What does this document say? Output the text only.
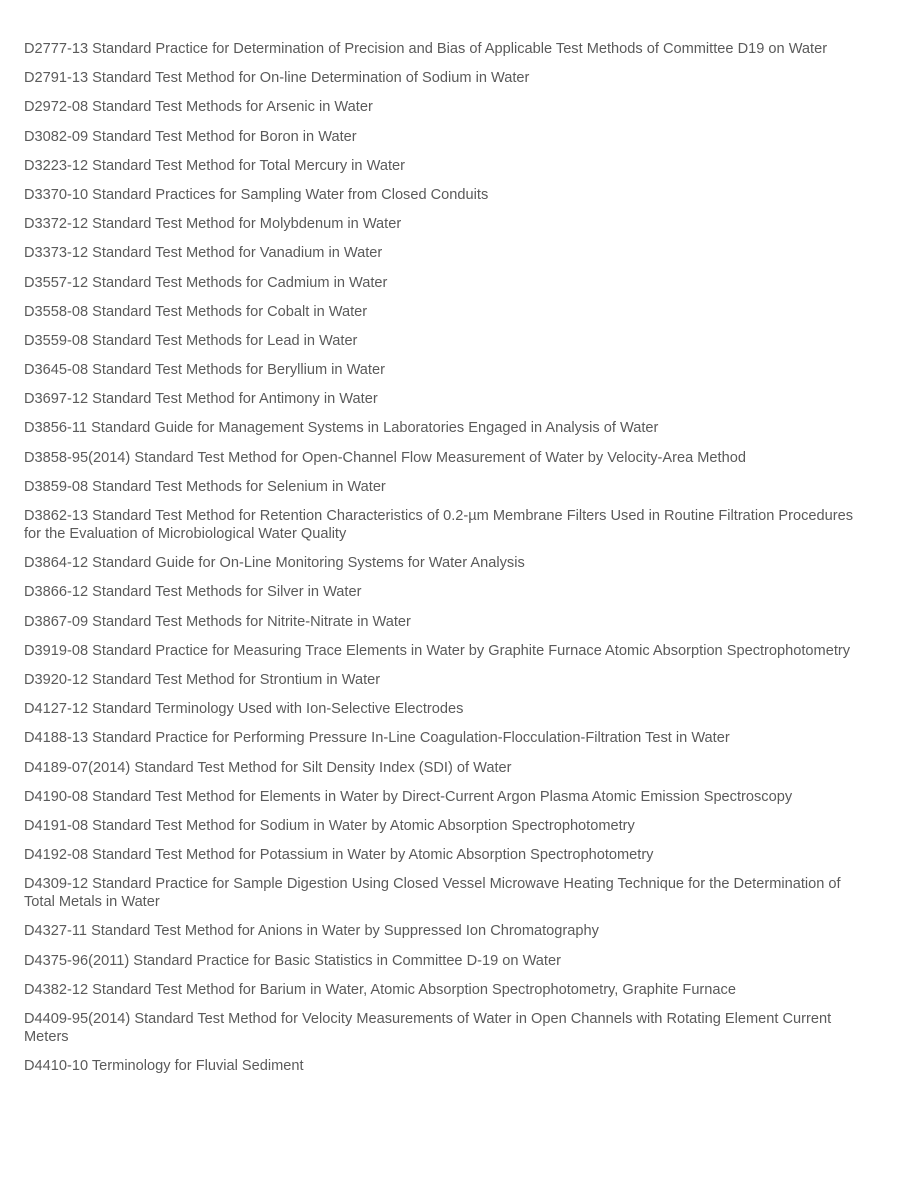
D2777-13 Standard Practice for Determination of Precision and Bias of Applicable Test Methods of Committee D19 on Water
D2791-13 Standard Test Method for On-line Determination of Sodium in Water
D2972-08 Standard Test Methods for Arsenic in Water
D3082-09 Standard Test Method for Boron in Water
D3223-12 Standard Test Method for Total Mercury in Water
D3370-10 Standard Practices for Sampling Water from Closed Conduits
D3372-12 Standard Test Method for Molybdenum in Water
D3373-12 Standard Test Method for Vanadium in Water
D3557-12 Standard Test Methods for Cadmium in Water
D3558-08 Standard Test Methods for Cobalt in Water
D3559-08 Standard Test Methods for Lead in Water
D3645-08 Standard Test Methods for Beryllium in Water
D3697-12 Standard Test Method for Antimony in Water
D3856-11 Standard Guide for Management Systems in Laboratories Engaged in Analysis of Water
D3858-95(2014) Standard Test Method for Open-Channel Flow Measurement of Water by Velocity-Area Method
D3859-08 Standard Test Methods for Selenium in Water
D3862-13 Standard Test Method for Retention Characteristics of 0.2-µm Membrane Filters Used in Routine Filtration Procedures for the Evaluation of Microbiological Water Quality
D3864-12 Standard Guide for On-Line Monitoring Systems for Water Analysis
D3866-12 Standard Test Methods for Silver in Water
D3867-09 Standard Test Methods for Nitrite-Nitrate in Water
D3919-08 Standard Practice for Measuring Trace Elements in Water by Graphite Furnace Atomic Absorption Spectrophotometry
D3920-12 Standard Test Method for Strontium in Water
D4127-12 Standard Terminology Used with Ion-Selective Electrodes
D4188-13 Standard Practice for Performing Pressure In-Line Coagulation-Flocculation-Filtration Test in Water
D4189-07(2014) Standard Test Method for Silt Density Index (SDI) of Water
D4190-08 Standard Test Method for Elements in Water by Direct-Current Argon Plasma Atomic Emission Spectroscopy
D4191-08 Standard Test Method for Sodium in Water by Atomic Absorption Spectrophotometry
D4192-08 Standard Test Method for Potassium in Water by Atomic Absorption Spectrophotometry
D4309-12 Standard Practice for Sample Digestion Using Closed Vessel Microwave Heating Technique for the Determination of Total Metals in Water
D4327-11 Standard Test Method for Anions in Water by Suppressed Ion Chromatography
D4375-96(2011) Standard Practice for Basic Statistics in Committee D-19 on Water
D4382-12 Standard Test Method for Barium in Water, Atomic Absorption Spectrophotometry, Graphite Furnace
D4409-95(2014) Standard Test Method for Velocity Measurements of Water in Open Channels with Rotating Element Current Meters
D4410-10 Terminology for Fluvial Sediment
